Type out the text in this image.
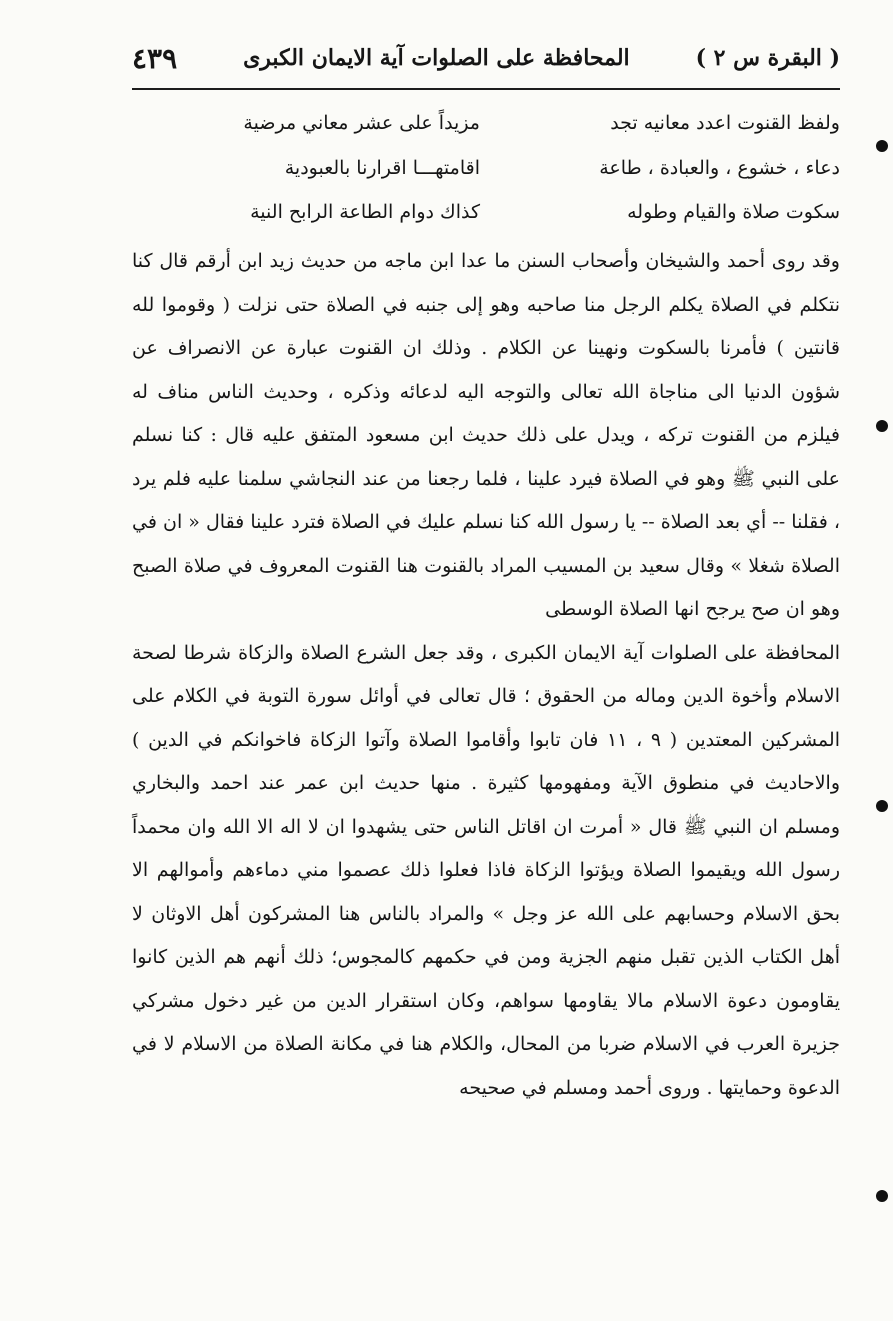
( البقرة س ٢ )
المحافظة على الصلوات آية الايمان الكبرى
٤٣٩
ولفظ القنوت اعدد معانيه تجد
مزيداً على عشر معاني مرضية
دعاء ، خشوع ، والعبادة ، طاعة
اقامتهـــا اقرارنا بالعبودية
سكوت صلاة والقيام وطوله
كذاك دوام الطاعة الرابح النية

وقد روى أحمد والشيخان وأصحاب السنن ما عدا ابن ماجه من حديث زيد ابن أرقم قال كنا نتكلم في الصلاة يكلم الرجل منا صاحبه وهو إلى جنبه في الصلاة حتى نزلت ( وقوموا لله قانتين ) فأمرنا بالسكوت ونهينا عن الكلام . وذلك ان القنوت عبارة عن الانصراف عن شؤون الدنيا الى مناجاة الله تعالى والتوجه اليه لدعائه وذكره ، وحديث الناس مناف له فيلزم من القنوت تركه ، ويدل على ذلك حديث ابن مسعود المتفق عليه قال : كنا نسلم على النبي ﷺ وهو في الصلاة فيرد علينا ، فلما رجعنا من عند النجاشي سلمنا عليه فلم يرد ، فقلنا -- أي بعد الصلاة -- يا رسول الله كنا نسلم عليك في الصلاة فترد علينا فقال « ان في الصلاة شغلا » وقال سعيد بن المسيب المراد بالقنوت هنا القنوت المعروف في صلاة الصبح وهو ان صح يرجح انها الصلاة الوسطى

المحافظة على الصلوات آية الايمان الكبرى ، وقد جعل الشرع الصلاة والزكاة شرطا لصحة الاسلام وأخوة الدين وماله من الحقوق ؛ قال تعالى في أوائل سورة التوبة في الكلام على المشركين المعتدين ( ٩ ، ١١ فان تابوا وأقاموا الصلاة وآتوا الزكاة فاخوانكم في الدين ) والاحاديث في منطوق الآية ومفهومها كثيرة . منها حديث ابن عمر عند احمد والبخاري ومسلم ان النبي ﷺ قال « أمرت ان اقاتل الناس حتى يشهدوا ان لا اله الا الله وان محمداً رسول الله ويقيموا الصلاة ويؤتوا الزكاة فاذا فعلوا ذلك عصموا مني دماءهم وأموالهم الا بحق الاسلام وحسابهم على الله عز وجل » والمراد بالناس هنا المشركون أهل الاوثان لا أهل الكتاب الذين تقبل منهم الجزية ومن في حكمهم كالمجوس؛ ذلك أنهم هم الذين كانوا يقاومون دعوة الاسلام مالا يقاومها سواهم، وكان استقرار الدين من غير دخول مشركي جزيرة العرب في الاسلام ضربا من المحال، والكلام هنا في مكانة الصلاة من الاسلام لا في الدعوة وحمايتها . وروى أحمد ومسلم في صحيحه
